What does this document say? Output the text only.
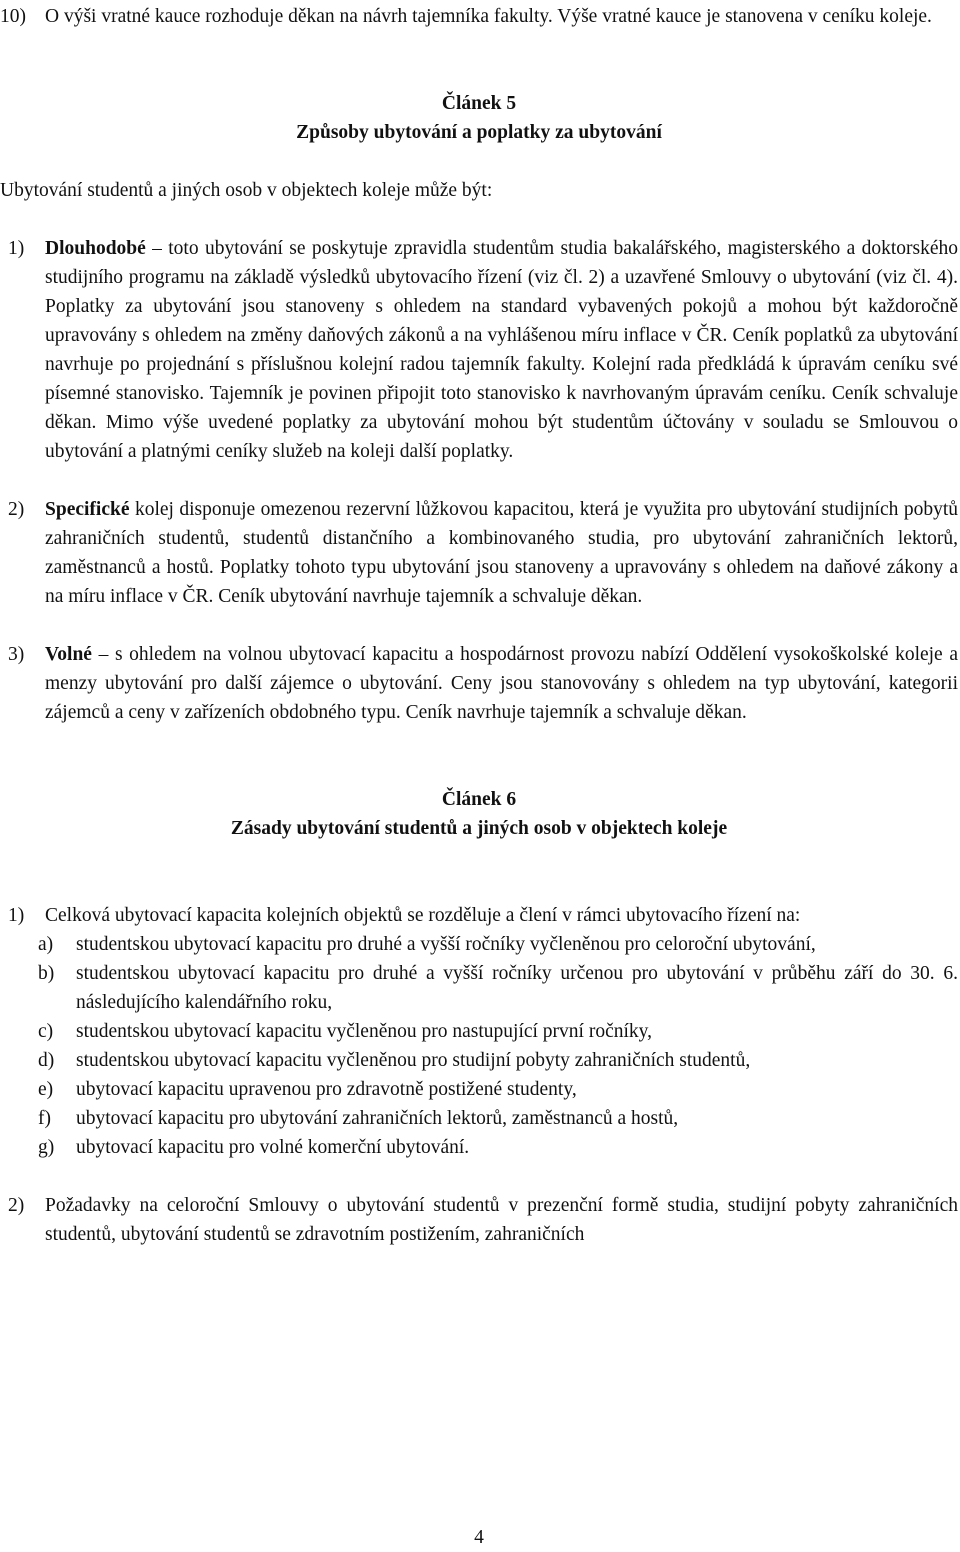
10) O výši vratné kauce rozhoduje děkan na návrh tajemníka fakulty. Výše vratné kauce je stanovena v ceníku koleje.

Článek 5

Způsoby ubytování a poplatky za ubytování

Ubytování studentů a jiných osob v objektech koleje může být:

1) Dlouhodobé – toto ubytování se poskytuje zpravidla studentům studia bakalářského, magisterského a doktorského studijního programu na základě výsledků ubytovacího řízení (viz čl. 2) a uzavřené Smlouvy o ubytování (viz čl. 4). Poplatky za ubytování jsou stanoveny s ohledem na standard vybavených pokojů a mohou být každoročně upravovány s ohledem na změny daňových zákonů a na vyhlášenou míru inflace v ČR. Ceník poplatků za ubytování navrhuje po projednání s příslušnou kolejní radou tajemník fakulty. Kolejní rada předkládá k úpravám ceníku své písemné stanovisko. Tajemník je povinen připojit toto stanovisko k navrhovaným úpravám ceníku. Ceník schvaluje děkan. Mimo výše uvedené poplatky za ubytování mohou být studentům účtovány v souladu se Smlouvou o ubytování a platnými ceníky služeb na koleji další poplatky.
2) Specifické kolej disponuje omezenou rezervní lůžkovou kapacitou, která je využita pro ubytování studijních pobytů zahraničních studentů, studentů distančního a kombinovaného studia, pro ubytování zahraničních lektorů, zaměstnanců a hostů. Poplatky tohoto typu ubytování jsou stanoveny a upravovány s ohledem na daňové zákony a na míru inflace v ČR. Ceník ubytování navrhuje tajemník a schvaluje děkan.
3) Volné – s ohledem na volnou ubytovací kapacitu a hospodárnost provozu nabízí Oddělení vysokoškolské koleje a menzy ubytování pro další zájemce o ubytování. Ceny jsou stanovovány s ohledem na typ ubytování, kategorii zájemců a ceny v zařízeních obdobného typu. Ceník navrhuje tajemník a schvaluje děkan.

Článek 6

Zásady ubytování studentů a jiných osob v objektech koleje

1) Celková ubytovací kapacita kolejních objektů se rozděluje a člení v rámci ubytovacího řízení na:
a) studentskou ubytovací kapacitu pro druhé a vyšší ročníky vyčleněnou pro celoroční ubytování,
b) studentskou ubytovací kapacitu pro druhé a vyšší ročníky určenou pro ubytování v průběhu září do 30. 6. následujícího kalendářního roku,
c) studentskou ubytovací kapacitu vyčleněnou pro nastupující první ročníky,
d) studentskou ubytovací kapacitu vyčleněnou pro studijní pobyty zahraničních studentů,
e) ubytovací kapacitu upravenou pro zdravotně postižené studenty,
f) ubytovací kapacitu pro ubytování zahraničních lektorů, zaměstnanců a hostů,
g) ubytovací kapacitu pro volné komerční ubytování.
2) Požadavky na celoroční Smlouvy o ubytování studentů v prezenční formě studia, studijní pobyty zahraničních studentů, ubytování studentů se zdravotním postižením, zahraničních
4
